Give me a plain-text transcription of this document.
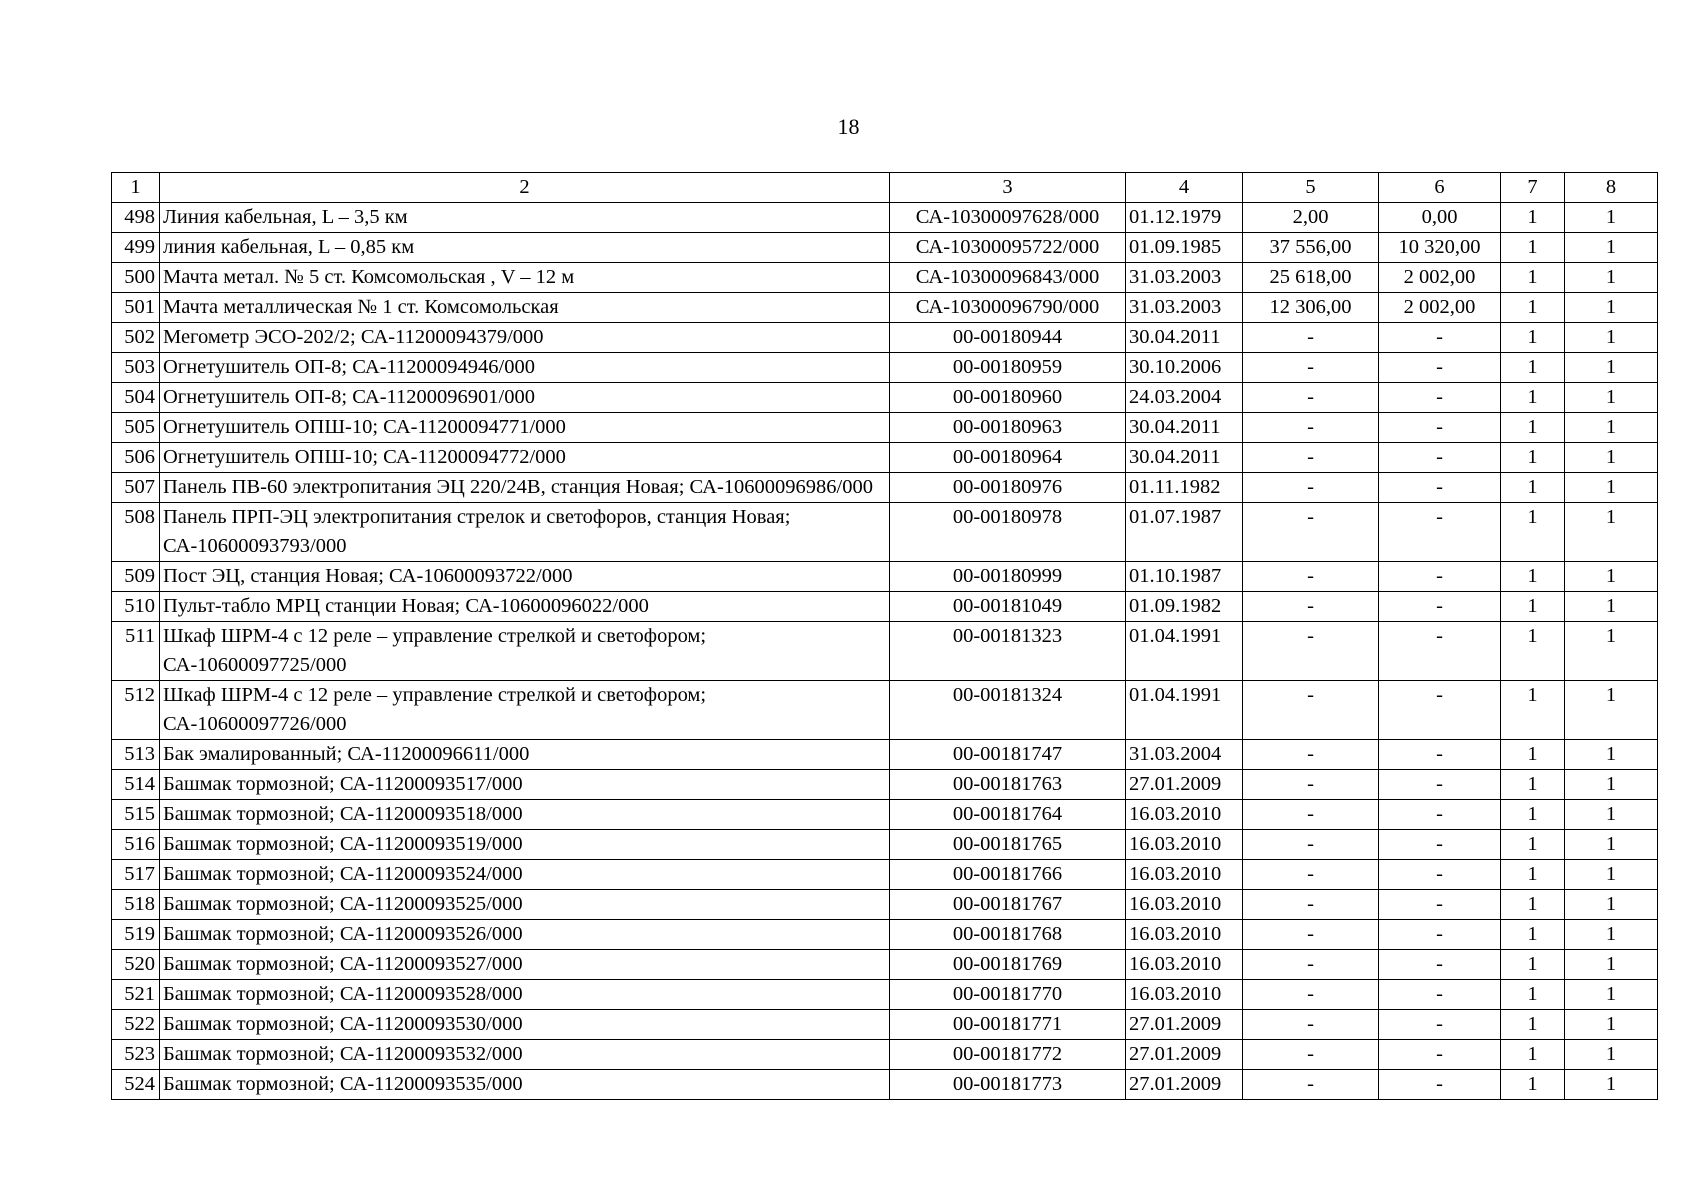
18
1	2	3	4	5	6	7	8
498	Линия кабельная, L – 3,5 км	СА-10300097628/000	01.12.1979	2,00	0,00	1	1
499	линия кабельная, L – 0,85 км	СА-10300095722/000	01.09.1985	37 556,00	10 320,00	1	1
500	Мачта метал. № 5 ст. Комсомольская , V – 12 м	СА-10300096843/000	31.03.2003	25 618,00	2 002,00	1	1
501	Мачта металлическая № 1 ст. Комсомольская	СА-10300096790/000	31.03.2003	12 306,00	2 002,00	1	1
502	Мегометр ЭСО-202/2; СА-11200094379/000	00-00180944	30.04.2011	-	-	1	1
503	Огнетушитель ОП-8; СА-11200094946/000	00-00180959	30.10.2006	-	-	1	1
504	Огнетушитель ОП-8; СА-11200096901/000	00-00180960	24.03.2004	-	-	1	1
505	Огнетушитель ОПШ-10; СА-11200094771/000	00-00180963	30.04.2011	-	-	1	1
506	Огнетушитель ОПШ-10; СА-11200094772/000	00-00180964	30.04.2011	-	-	1	1
507	Панель ПВ-60 электропитания ЭЦ 220/24В, станция Новая; СА-10600096986/000	00-00180976	01.11.1982	-	-	1	1
508	Панель ПРП-ЭЦ электропитания стрелок и светофоров, станция Новая; СА-10600093793/000	00-00180978	01.07.1987	-	-	1	1
509	Пост ЭЦ, станция Новая; СА-10600093722/000	00-00180999	01.10.1987	-	-	1	1
510	Пульт-табло МРЦ станции Новая; СА-10600096022/000	00-00181049	01.09.1982	-	-	1	1
511	Шкаф ШРМ-4 с 12 реле – управление стрелкой и светофором; СА-10600097725/000	00-00181323	01.04.1991	-	-	1	1
512	Шкаф ШРМ-4 с 12 реле – управление стрелкой и светофором; СА-10600097726/000	00-00181324	01.04.1991	-	-	1	1
513	Бак эмалированный; СА-11200096611/000	00-00181747	31.03.2004	-	-	1	1
514	Башмак тормозной; СА-11200093517/000	00-00181763	27.01.2009	-	-	1	1
515	Башмак тормозной; СА-11200093518/000	00-00181764	16.03.2010	-	-	1	1
516	Башмак тормозной; СА-11200093519/000	00-00181765	16.03.2010	-	-	1	1
517	Башмак тормозной; СА-11200093524/000	00-00181766	16.03.2010	-	-	1	1
518	Башмак тормозной; СА-11200093525/000	00-00181767	16.03.2010	-	-	1	1
519	Башмак тормозной; СА-11200093526/000	00-00181768	16.03.2010	-	-	1	1
520	Башмак тормозной; СА-11200093527/000	00-00181769	16.03.2010	-	-	1	1
521	Башмак тормозной; СА-11200093528/000	00-00181770	16.03.2010	-	-	1	1
522	Башмак тормозной; СА-11200093530/000	00-00181771	27.01.2009	-	-	1	1
523	Башмак тормозной; СА-11200093532/000	00-00181772	27.01.2009	-	-	1	1
524	Башмак тормозной; СА-11200093535/000	00-00181773	27.01.2009	-	-	1	1
